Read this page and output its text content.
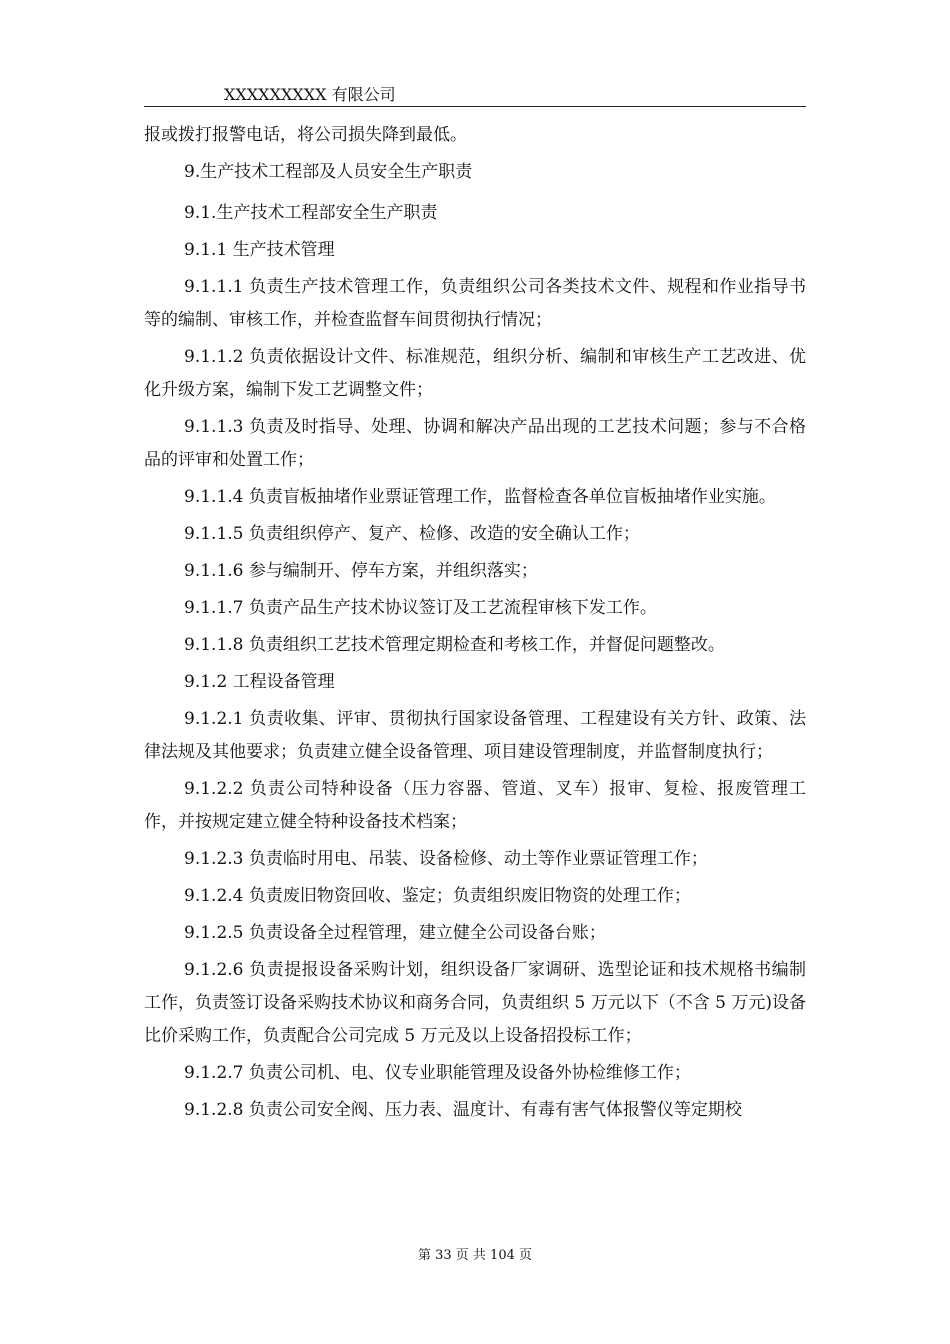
XXXXXXXXX 有限公司

报或拨打报警电话，将公司损失降到最低。

9.生产技术工程部及人员安全生产职责

9.1.生产技术工程部安全生产职责

9.1.1 生产技术管理

9.1.1.1 负责生产技术管理工作，负责组织公司各类技术文件、规程和作业指导书等的编制、审核工作，并检查监督车间贯彻执行情况；

9.1.1.2 负责依据设计文件、标准规范，组织分析、编制和审核生产工艺改进、优化升级方案，编制下发工艺调整文件；

9.1.1.3 负责及时指导、处理、协调和解决产品出现的工艺技术问题；参与不合格品的评审和处置工作；

9.1.1.4 负责盲板抽堵作业票证管理工作，监督检查各单位盲板抽堵作业实施。

9.1.1.5 负责组织停产、复产、检修、改造的安全确认工作；

9.1.1.6 参与编制开、停车方案，并组织落实；

9.1.1.7 负责产品生产技术协议签订及工艺流程审核下发工作。

9.1.1.8 负责组织工艺技术管理定期检查和考核工作，并督促问题整改。

9.1.2 工程设备管理

9.1.2.1 负责收集、评审、贯彻执行国家设备管理、工程建设有关方针、政策、法律法规及其他要求；负责建立健全设备管理、项目建设管理制度，并监督制度执行；

9.1.2.2 负责公司特种设备（压力容器、管道、叉车）报审、复检、报废管理工作，并按规定建立健全特种设备技术档案；

9.1.2.3 负责临时用电、吊装、设备检修、动土等作业票证管理工作；

9.1.2.4 负责废旧物资回收、鉴定；负责组织废旧物资的处理工作；

9.1.2.5 负责设备全过程管理，建立健全公司设备台账；

9.1.2.6 负责提报设备采购计划，组织设备厂家调研、选型论证和技术规格书编制工作，负责签订设备采购技术协议和商务合同，负责组织 5 万元以下（不含 5 万元)设备比价采购工作，负责配合公司完成 5 万元及以上设备招投标工作；

9.1.2.7 负责公司机、电、仪专业职能管理及设备外协检维修工作；

9.1.2.8 负责公司安全阀、压力表、温度计、有毒有害气体报警仪等定期校

第 33 页 共 104 页
